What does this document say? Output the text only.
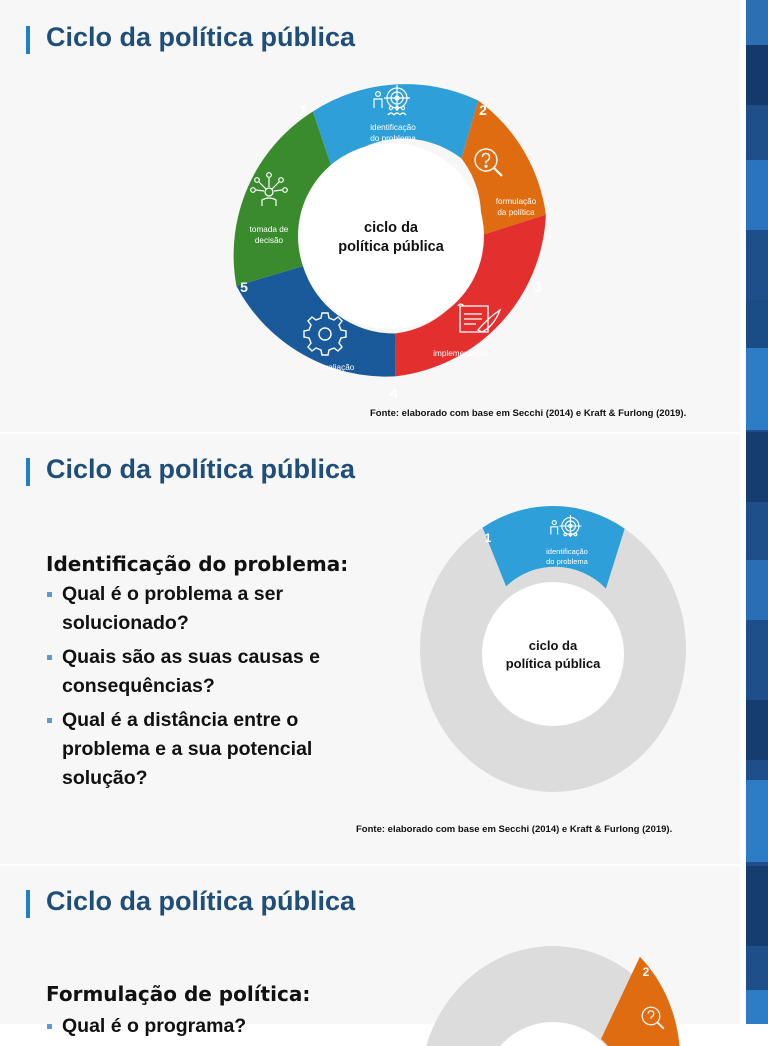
Ciclo da política pública
ciclo da
política pública
1	2
3
4
5
identificação
do problema
formulação
da política
implementação
avaliação
tomada de
decisão

Fonte: elaborado com base em Secchi (2014) e Kraft & Furlong (2019).

Ciclo da política pública
Identificação do problema:
Qual é o problema a ser solucionado?
Quais são as suas causas e consequências?
Qual é a distância entre o problema e a sua potencial solução?
ciclo da
política pública
1
identificação
do problema

Fonte: elaborado com base em Secchi (2014) e Kraft & Furlong (2019).

Ciclo da política pública
Formulação de política:
Qual é o programa?
2
